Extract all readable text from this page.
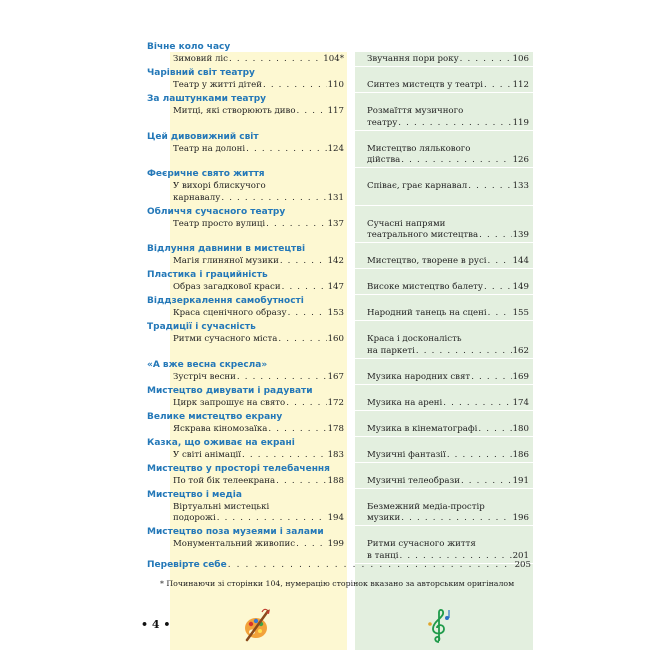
Вічне коло часу
Зимовий ліс . . .	104*	Звучання пори року . . .	106
Чарівний світ театру
Театр у житті дітей . . .	110	Синтез мистецтв у театрі . . .	112
За лаштунками театру
Митці, які створюють диво . . .	117	Розмаїття музичного
театру . . .	119
Цей дивовижний світ
Театр на долоні . . .	124	Мистецтво лялькового
дійства . . .	126
Феєричне свято життя
У вихорі блискучого
карнавалу . . .	131
Співає, грає карнавал . . .	133
Обличчя сучасного театру
Театр просто вулиці . . .	137	Сучасні напрями
театрального мистецтва . . .	139
Відлуння давнини в мистецтві
Магія глиняної музики . . .	142	Мистецтво, творене в русі . . .	144
Пластика і грацийність
Образ загадкової краси . . .	147	Високе мистецтво балету . . .	149
Віддзеркалення самобутності
Краса сценічного образу . . .	153	Народний танець на сцені . . .	155
Традиції і сучасність
Ритми сучасного міста . . .	160	Краса і досконалість
на паркеті . . .	162
«А вже весна скресла»
Зустріч весни . . .	167	Музика народних свят . . .	169
Мистецтво дивувати і радувати
Цирк запрошує на свято . . .	172	Музика на арені . . .	174
Велике мистецтво екрану
Яскрава кіномозаїка . . .	178	Музика в кінематографі . . .	180
Казка, що оживає на екрані
У світі анімації . . .	183	Музичні фантазії . . .	186
Мистецтво у просторі телебачення
По той бік телеекрана . . .	188	Музичні телеобрази . . .	191
Мистецтво і медіа
Віртуальні мистецькі
подорожі . . .	194
Безмежний медіа-простір
музики . . .	196
Мистецтво поза музеями і залами
Монументальний живопис . . .	199	Ритми сучасного життя
в танці . . .	201
Перевірте себе . . .	205
* Починаючи зі сторінки 104, нумерацію сторінок вказано за авторським оригіналом
• 4 •
